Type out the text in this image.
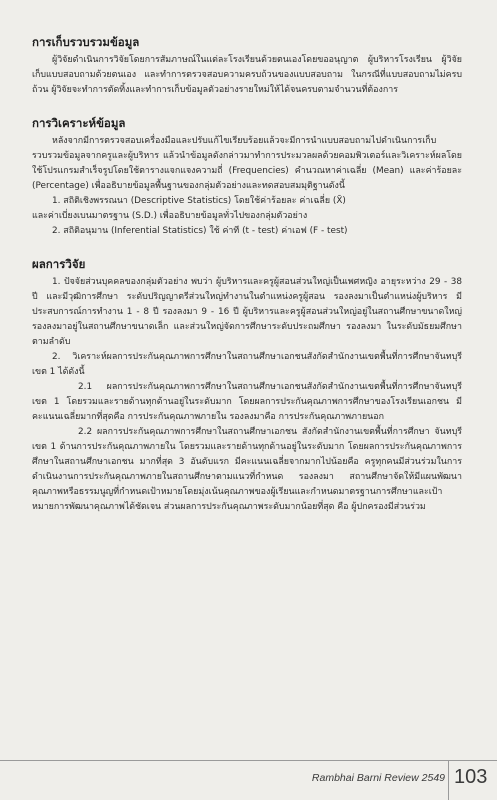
การเก็บรวบรวมข้อมูล

ผู้วิจัยดำเนินการวิจัยโดยการสัมภาษณ์ในแต่ละโรงเรียนด้วยตนเองโดยขออนุญาต ผู้บริหารโรงเรียน ผู้วิจัยเก็บแบบสอบถามด้วยตนเอง และทำการตรวจสอบความครบถ้วนของแบบสอบถาม ในกรณีที่แบบสอบถามไม่ครบถ้วน ผู้วิจัยจะทำการตัดทิ้งและทำการเก็บข้อมูลตัวอย่างรายใหม่ให้ได้จนครบตามจำนวนที่ต้องการ

การวิเคราะห์ข้อมูล

หลังจากมีการตรวจสอบเครื่องมือและปรับแก้ไขเรียบร้อยแล้วจะมีการนำแบบสอบถามไปดำเนินการเก็บรวบรวมข้อมูลจากครูและผู้บริหาร แล้วนำข้อมูลดังกล่าวมาทำการประมวลผลด้วยคอมพิวเตอร์และวิเคราะห์ผลโดยใช้โปรแกรมสำเร็จรูปโดยใช้ตารางแจกแจงความถี่ (Frequencies) คำนวณหาค่าเฉลี่ย (Mean) และค่าร้อยละ (Percentage) เพื่ออธิบายข้อมูลพื้นฐานของกลุ่มตัวอย่างและทดสอบสมมุติฐานดังนี้

1. สถิติเชิงพรรณนา (Descriptive Statistics) โดยใช้ค่าร้อยละ ค่าเฉลี่ย (X̄)

และค่าเบี่ยงเบนมาตรฐาน (S.D.) เพื่ออธิบายข้อมูลทั่วไปของกลุ่มตัวอย่าง

2. สถิติอนุมาน (Inferential Statistics) ใช้ ค่าที (t - test) ค่าเอฟ (F - test)

ผลการวิจัย

1. ปัจจัยส่วนบุคคลของกลุ่มตัวอย่าง พบว่า ผู้บริหารและครูผู้สอนส่วนใหญ่เป็นเพศหญิง อายุระหว่าง 29 - 38 ปี และมีวุฒิการศึกษา ระดับปริญญาตรีส่วนใหญ่ทำงานในตำแหน่งครูผู้สอน รองลงมาเป็นตำแหน่งผู้บริหาร มีประสบการณ์การทำงาน 1 - 8 ปี รองลงมา 9 - 16 ปี ผู้บริหารและครูผู้สอนส่วนใหญ่อยู่ในสถานศึกษาขนาดใหญ่ รองลงมาอยู่ในสถานศึกษาขนาดเล็ก และส่วนใหญ่จัดการศึกษาระดับประถมศึกษา รองลงมา ในระดับมัธยมศึกษาตามลำดับ

2. วิเคราะห์ผลการประกันคุณภาพการศึกษาในสถานศึกษาเอกชนสังกัดสำนักงานเขตพื้นที่การศึกษาจันทบุรี เขต 1 ได้ดังนี้

2.1 ผลการประกันคุณภาพการศึกษาในสถานศึกษาเอกชนสังกัดสำนักงานเขตพื้นที่การศึกษาจันทบุรี เขต 1 โดยรวมและรายด้านทุกด้านอยู่ในระดับมาก โดยผลการประกันคุณภาพการศึกษาของโรงเรียนเอกชน มีคะแนนเฉลี่ยมากที่สุดคือ การประกันคุณภาพภายใน รองลงมาคือ การประกันคุณภาพภายนอก

2.2 ผลการประกันคุณภาพการศึกษาในสถานศึกษาเอกชน สังกัดสำนักงานเขตพื้นที่การศึกษา จันทบุรี เขต 1 ด้านการประกันคุณภาพภายใน โดยรวมและรายด้านทุกด้านอยู่ในระดับมาก โดยผลการประกันคุณภาพการศึกษาในสถานศึกษาเอกชน มากที่สุด 3 อันดับแรก มีคะแนนเฉลี่ยจากมากไปน้อยคือ ครูทุกคนมีส่วนร่วมในการดำเนินงานการประกันคุณภาพภายในสถานศึกษาตามแนวที่กำหนด รองลงมา สถานศึกษาจัดให้มีแผนพัฒนาคุณภาพหรือธรรมนูญที่กำหนดเป้าหมายโดยมุ่งเน้นคุณภาพของผู้เรียนและกำหนดมาตรฐานการศึกษาและเป้าหมายการพัฒนาคุณภาพได้ชัดเจน ส่วนผลการประกันคุณภาพระดับมากน้อยที่สุด คือ ผู้ปกครองมีส่วนร่วม

Rambhai Barni Review 2549 103
